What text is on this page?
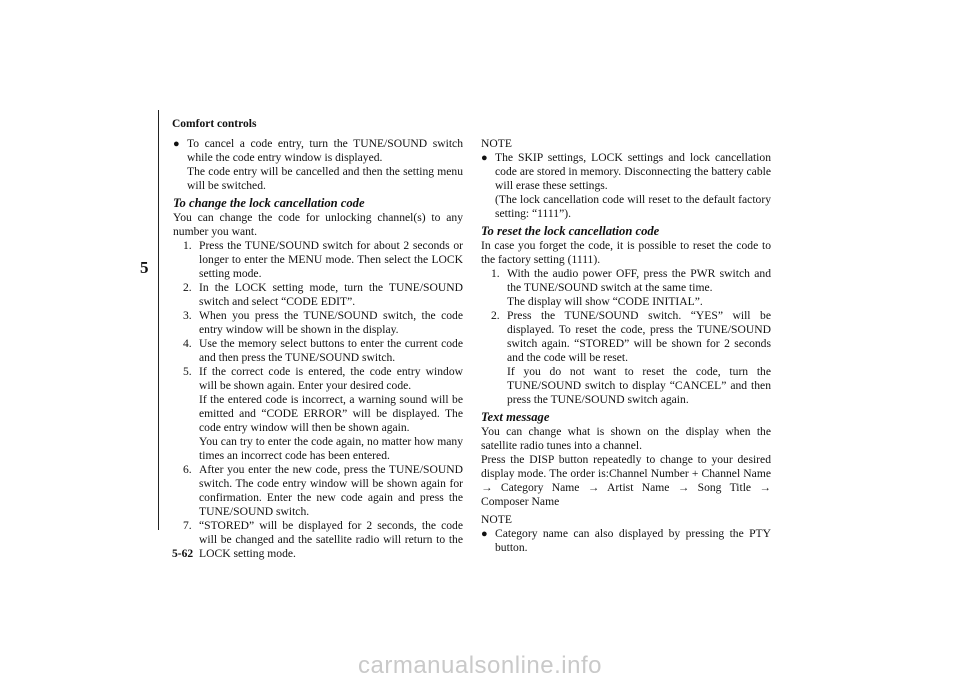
Comfort controls
5
● To cancel a code entry, turn the TUNE/SOUND switch while the code entry window is displayed.

The code entry will be cancelled and then the setting menu will be switched.

To change the lock cancellation code

You can change the code for unlocking channel(s) to any number you want.

1. Press the TUNE/SOUND switch for about 2 seconds or longer to enter the MENU mode. Then select the LOCK setting mode.
2. In the LOCK setting mode, turn the TUNE/SOUND switch and select “CODE EDIT”.
3. When you press the TUNE/SOUND switch, the code entry window will be shown in the display.
4. Use the memory select buttons to enter the current code and then press the TUNE/SOUND switch.
5. If the correct code is entered, the code entry window will be shown again. Enter your desired code.
If the entered code is incorrect, a warning sound will be emitted and “CODE ERROR” will be displayed. The code entry window will then be shown again.
You can try to enter the code again, no matter how many times an incorrect code has been entered.
6. After you enter the new code, press the TUNE/SOUND switch. The code entry window will be shown again for confirmation. Enter the new code again and press the TUNE/SOUND switch.
7. “STORED” will be displayed for 2 seconds, the code will be changed and the satellite radio will return to the LOCK setting mode.

NOTE

● The SKIP settings, LOCK settings and lock cancellation code are stored in memory. Disconnecting the battery cable will erase these settings.

(The lock cancellation code will reset to the default factory setting: “1111”).

To reset the lock cancellation code

In case you forget the code, it is possible to reset the code to the factory setting (1111).

1. With the audio power OFF, press the PWR switch and the TUNE/SOUND switch at the same time.
The display will show “CODE INITIAL”.
2. Press the TUNE/SOUND switch. “YES” will be displayed. To reset the code, press the TUNE/SOUND switch again. “STORED” will be shown for 2 seconds and the code will be reset.
If you do not want to reset the code, turn the TUNE/SOUND switch to display “CANCEL” and then press the TUNE/SOUND switch again.
Text message

You can change what is shown on the display when the satellite radio tunes into a channel.

Press the DISP button repeatedly to change to your desired display mode. The order is:Channel Number + Channel Name → Category Name → Artist Name → Song Title → Composer Name

NOTE

● Category name can also displayed by pressing the PTY button.

5-62
carmanualsonline.info
